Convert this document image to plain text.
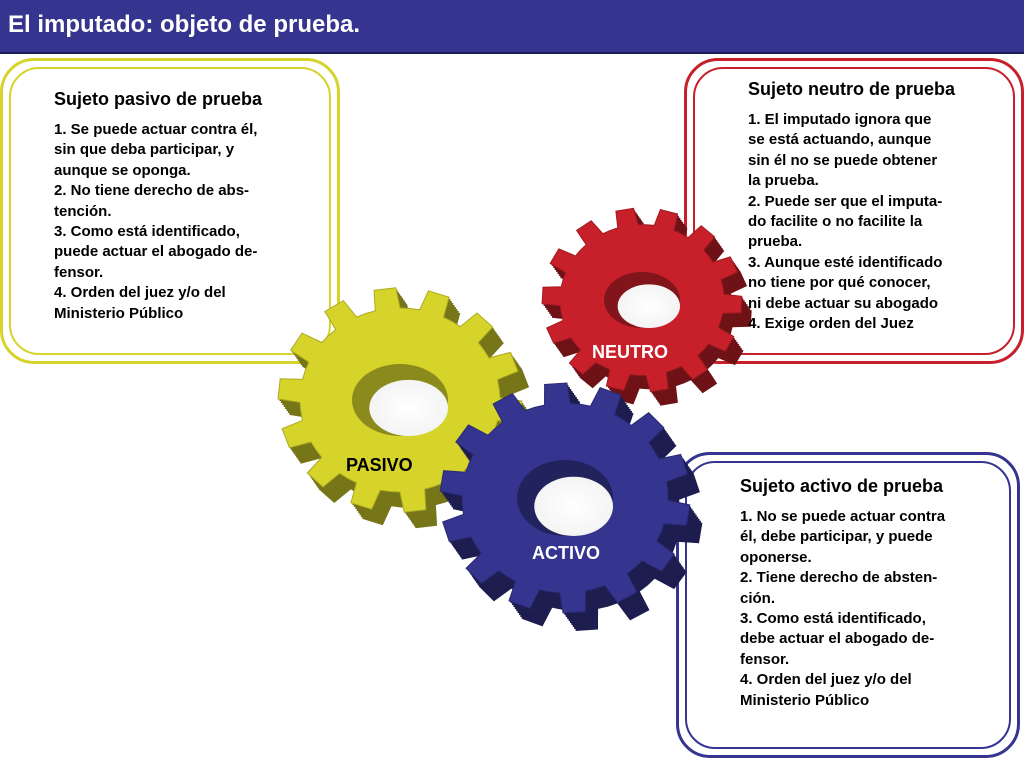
El imputado: objeto de prueba.
Sujeto pasivo de prueba
1. Se puede actuar contra él,
sin que deba participar, y
aunque se oponga.
2. No tiene derecho de abs-
tención.
3. Como está identificado,
puede actuar el abogado de-
fensor.
4. Orden del juez y/o del
Ministerio Público
Sujeto neutro de prueba
1. El imputado ignora que
se está actuando, aunque
sin él no se puede obtener
la prueba.
2. Puede ser que el imputa-
do facilite o no facilite la
prueba.
3. Aunque esté identificado
no tiene por qué conocer,
ni debe actuar su abogado
4. Exige orden del Juez
Sujeto activo de prueba
1. No se puede actuar contra
él, debe participar, y puede
oponerse.
2. Tiene derecho de absten-
ción.
3. Como está identificado,
debe actuar el abogado de-
fensor.
4. Orden del juez y/o del
Ministerio Público
NEUTRO
PASIVO
ACTIVO
